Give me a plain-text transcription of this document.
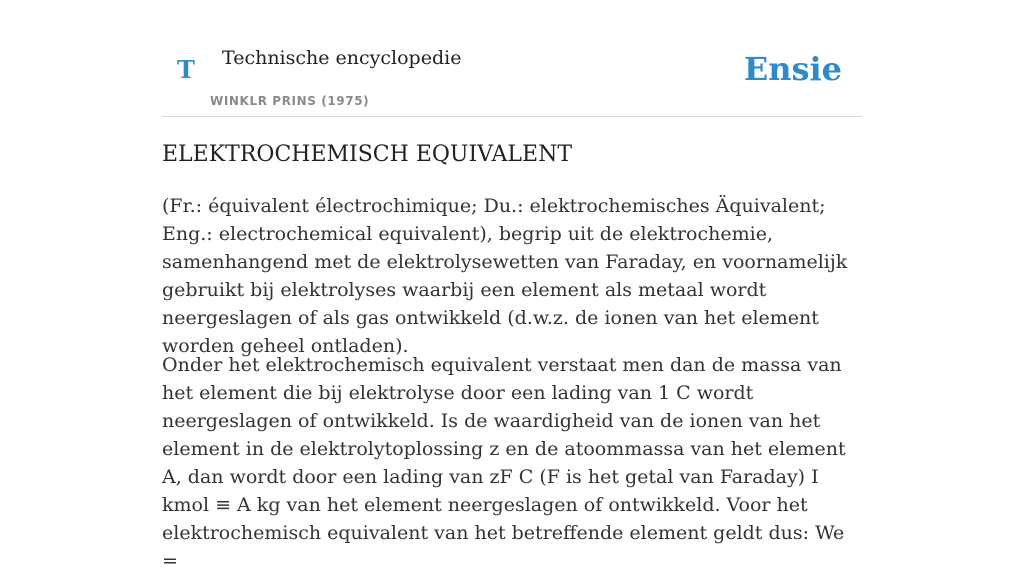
T Technische encyclopedie
WINKLR PRINS (1975)
Ensie
ELEKTROCHEMISCH EQUIVALENT

(Fr.: équivalent électrochimique; Du.: elektrochemisches Äquivalent; Eng.: electrochemical equivalent), begrip uit de elektrochemie, samenhangend met de elektrolysewetten van Faraday, en voornamelijk gebruikt bij elektrolyses waarbij een element als metaal wordt neergeslagen of als gas ontwikkeld (d.w.z. de ionen van het element worden geheel ontladen).

Onder het elektrochemisch equivalent verstaat men dan de massa van het element die bij elektrolyse door een lading van 1 C wordt neergeslagen of ontwikkeld. Is de waardigheid van de ionen van het element in de elektrolytoplossing z en de atoommassa van het element A, dan wordt door een lading van zF C (F is het getal van Faraday) I kmol ≡ A kg van het element neergeslagen of ontwikkeld. Voor het elektrochemisch equivalent van het betreffende element geldt dus: We =
